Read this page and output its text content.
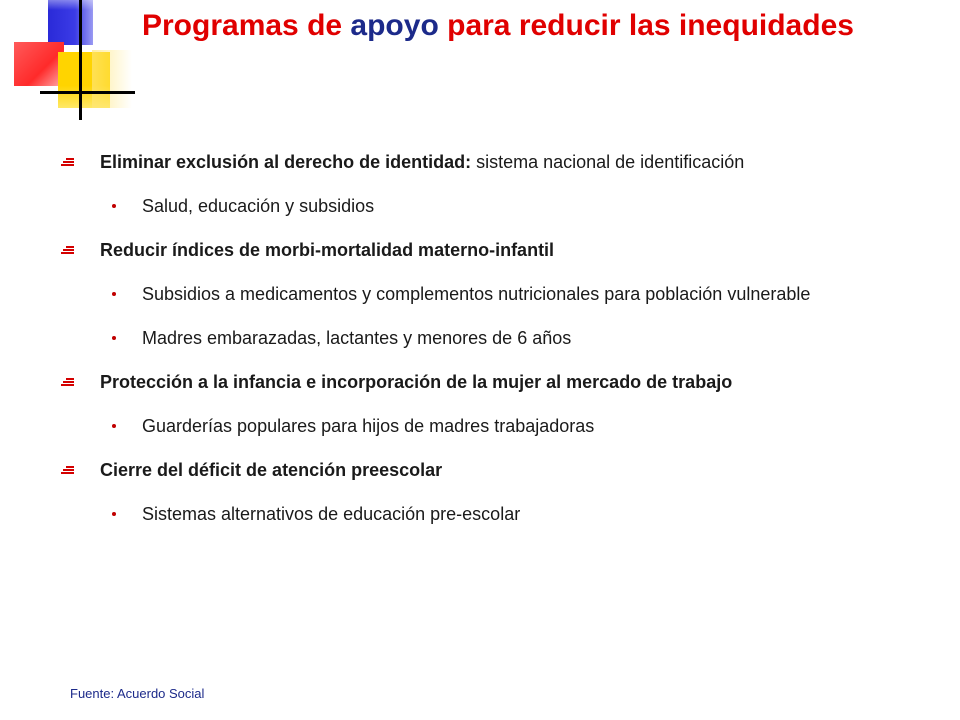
Programas de apoyo para reducir las inequidades
Eliminar exclusión al derecho de identidad: sistema nacional de identificación
Salud, educación y subsidios
Reducir índices de morbi-mortalidad materno-infantil
Subsidios a medicamentos y complementos nutricionales para población vulnerable
Madres embarazadas, lactantes y menores de 6 años
Protección a la infancia e incorporación de la mujer al mercado de trabajo
Guarderías populares para hijos de madres trabajadoras
Cierre del déficit de atención preescolar
Sistemas alternativos de educación pre-escolar
Fuente: Acuerdo Social
